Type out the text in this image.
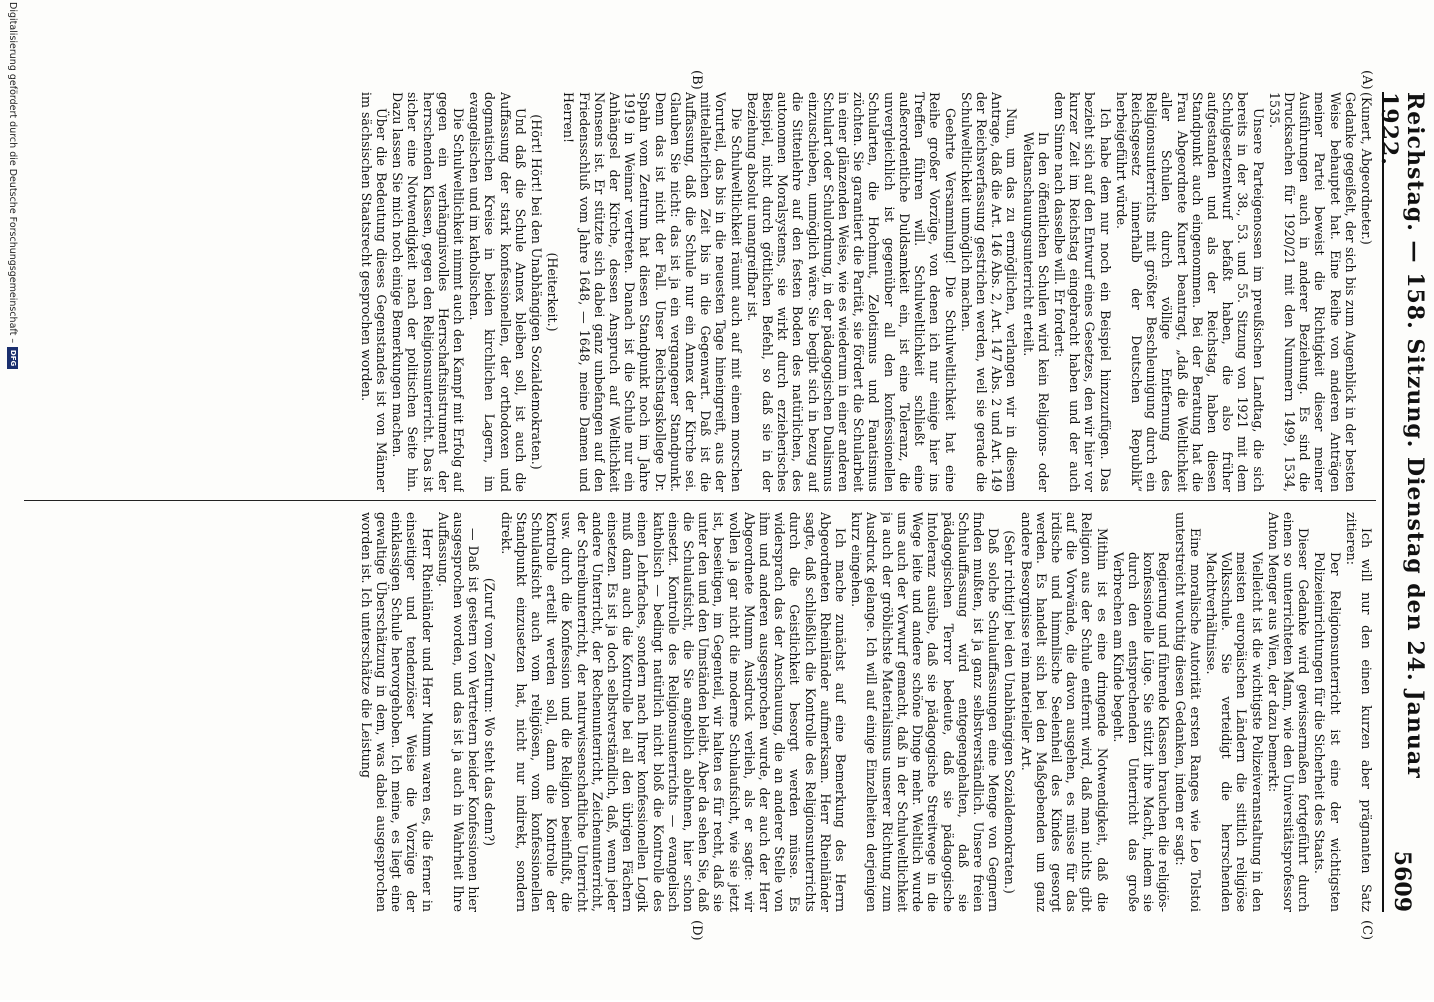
Reichstag. — 158. Sitzung. Dienstag den 24. Januar 1922.
5609
(A)
(B)
(C)
(D)

(Kunert, Abgeordneter.)

Gedanke gegeißelt, der sich bis zum Augenblick in der besten Weise behauptet hat. Eine Reihe von anderen Anträgen meiner Partei beweist die Richtigkeit dieser meiner Ausführungen auch in anderer Beziehung. Es sind die Drucksachen für 1920/21 mit den Nummern 1499, 1534, 1535.

Unsere Parteigenossen im preußischen Landtag, die sich bereits in der 38., 53. und 55. Sitzung von 1921 mit dem Schulgesetzentwurf befaßt haben, die also früher aufgestanden und als der Reichstag, haben diesen Standpunkt auch eingenommen. Bei der Beratung hat die Frau Abgeordnete Kunert beantragt, „daß die Weltlichkeit aller Schulen durch völlige Entfernung des Religionsunterrichts mit größter Beschleunigung durch ein Reichsgesetz innerhalb der Deutschen Republik“ herbeigeführt würde.

Ich habe dem nur noch ein Beispiel hinzuzufügen. Das bezieht sich auf den Entwurf eines Gesetzes, den wir hier vor kurzer Zeit im Reichstag eingebracht haben und der auch dem Sinne nach dasselbe will. Er fordert:

In den öffentlichen Schulen wird kein Religions- oder Weltanschauungsunterricht erteilt.

Nun, um das zu ermöglichen, verlangen wir in diesem Antrage, daß die Art. 146 Abs. 2, Art. 147 Abs. 2 und Art. 149 der Reichsverfassung gestrichen werden, weil sie gerade die Schulweltlichkeit unmöglich machen.

Geehrte Versammlung! Die Schulweltlichkeit hat eine Reihe großer Vorzüge, von denen ich nur einige hier ins Treffen führen will. Schulweltlichkeit schließt eine außerordentliche Duldsamkeit ein, ist eine Toleranz, die unvergleichlich ist gegenüber all den konfessionellen Schularten, die Hochmut, Zelotismus und Fanatismus züchten. Sie garantiert die Parität, sie fördert die Schularbeit in einer glänzenden Weise, wie es wiederum in einer anderen Schulart oder Schulordnung, in der pädagogischen Dualismus einzuschieben, unmöglich wäre. Sie begibt sich in bezug auf die Sittenlehre auf den festen Boden des natürlichen, des autonomen Moralsystems, sie wirkt durch erzieherisches Beispiel, nicht durch göttlichen Befehl, so daß sie in der Beziehung absolut unangreifbar ist.

Die Schulweltlichkeit räumt auch auf mit einem morschen Vorurteil, das bis in die neuesten Tage hineingreift, aus der mittelalterlichen Zeit bis in die Gegenwart. Daß ist die Auffassung, daß die Schule nur ein Annex der Kirche sei. Glauben Sie nicht: das ist ja ein vergangener Standpunkt. Denn das ist nicht der Fall. Unser Reichstagskollege Dr. Spahn vom Zentrum hat diesen Standpunkt noch im Jahre 1919 in Weimar vertreten. Danach ist die Schule nur ein Anhängsel der Kirche, dessen Anspruch auf Weltlichkeit Nonsens ist. Er stützte sich dabei ganz unbefangen auf den Friedensschluß vom Jahre 1648, — 1648, meine Damen und Herren!

(Heiterkeit.)

(Hört! Hört! bei den Unabhängigen Sozialdemokraten.)

Und daß die Schule Annex bleiben soll, ist auch die Auffassung der stark konfessionellen, der orthodoxen und dogmatischen Kreise in beiden kirchlichen Lagern, im evangelischen und im katholischen.

Die Schulweltlichkeit nimmt auch den Kampf mit Erfolg auf gegen ein verhängnisvolles Herrschaftsinstrument der herrschenden Klassen, gegen den Religionsunterricht. Das ist sicher eine Notwendigkeit nach der politischen Seite hin. Dazu lassen Sie mich noch einige Bemerkungen machen.

Über die Bedeutung dieses Gegenstandes ist von Männer im sächsischen Staatsrecht gesprochen worden.

Ich will nur den einen kurzen aber prägnanten Satz zitieren:

Der Religionsunterricht ist eine der wichtigsten Polizeieinrichtungen für die Sicherheit des Staats.

Dieser Gedanke wird gewissermaßen fortgeführt durch einen so unterrichteten Mann, wie den Universitätsprofessor Anton Menger aus Wien, der dazu bemerkt:

Vielleicht ist die wichtigste Polizeiveranstaltung in den meisten europäischen Ländern die sittlich religiöse Volksschule. Sie verteidigt die herrschenden Machtverhältnisse.

Eine moralische Autorität ersten Ranges wie Leo Tolstoi unterstreicht wuchtig diesen Gedanken, indem er sagt:

Regierung und führende Klassen brauchen die religiös-konfessionelle Lüge. Sie stützt ihre Macht, indem sie durch den entsprechenden Unterricht das große Verbrechen am Kinde begeht.

Mithin ist es eine dringende Notwendigkeit, daß die Religion aus der Schule entfernt wird, daß man nichts gibt auf die Vorwände, die davon ausgehen, es müsse für das irdische und himmlische Seelenheil des Kindes gesorgt werden. Es handelt sich bei den Maßgebenden um ganz andere Besorgnisse rein materieller Art.

(Sehr richtig! bei den Unabhängigen Sozialdemokraten.)

Daß solche Schulauffassungen eine Menge von Gegnern finden mußten, ist ja ganz selbstverständlich. Unsere freien Schulauffassung wird entgegengehalten, daß sie pädagogischen Terror bedeute, daß sie pädagogische Intoleranz ausübe, daß sie pädagogische Streitwege in die Wege leite und andere schöne Dinge mehr. Weltlich wurde uns auch der Vorwurf gemacht, daß in der Schulweltlichkeit ja auch der gröblichste Materialismus unserer Richtung zum Ausdruck gelange. Ich will auf einige Einzelheiten derjenigen kurz eingehen.

Ich mache zunächst auf eine Bemerkung des Herrn Abgeordneten Rheinländer aufmerksam. Herr Rheinländer sagte, daß schließlich die Kontrolle des Religionsunterrichts durch die Geistlichkeit besorgt werden müsse. Es widersprach das der Anschauung, die an anderer Stelle von ihm und anderen ausgesprochen wurde, der auch der Herr Abgeordnete Mumm Ausdruck verlieh, als er sagte: wir wollen ja gar nicht die moderne Schulaufsicht, wie sie jetzt ist, beseitigen, im Gegenteil, wir halten es für recht, daß sie unter den und den Umständen bleibt. Aber da sehen Sie, daß die Schulaufsicht, die Sie angeblich ablehnen, hier schon einsetzt. Kontrolle des Religionsunterrichts — evangelisch katholisch — bedingt natürlich nicht bloß die Kontrolle des einen Lehrfaches, sondern nach Ihrer konfessionellen Logik muß dann auch die Kontrolle bei all den übrigen Fächern einsetzen. Es ist ja doch selbstverständlich, daß, wenn jeder andere Unterricht, der Rechenunterricht, Zeichenunterricht, der Schreibunterricht, der naturwissenschaftliche Unterricht usw. durch die Konfession und die Religion beeinflußt, die Kontrolle erteilt werden soll, dann die Kontrolle der Schulaufsicht auch vom religiösen, vom konfessionellen Standpunkt einzusetzen hat, nicht nur indirekt, sondern direkt.

(Zuruf vom Zentrum: Wo steht das denn?)

— Daß ist gestern von Vertretern beider Konfessionen hier ausgesprochen worden, und das ist ja auch in Wahrheit Ihre Auffassung.

Herr Rheinländer und Herr Mumm waren es, die ferner in einseitiger und tendenziöser Weise die Vorzüge der einklassigen Schule hervorgehoben. Ich meine, es liegt eine gewaltige Überschätzung in dem, was dabei ausgesprochen worden ist. Ich unterschätze die Leistung

Digitalisierung gefördert durch die Deutsche Forschungsgemeinschaft –
DFG
